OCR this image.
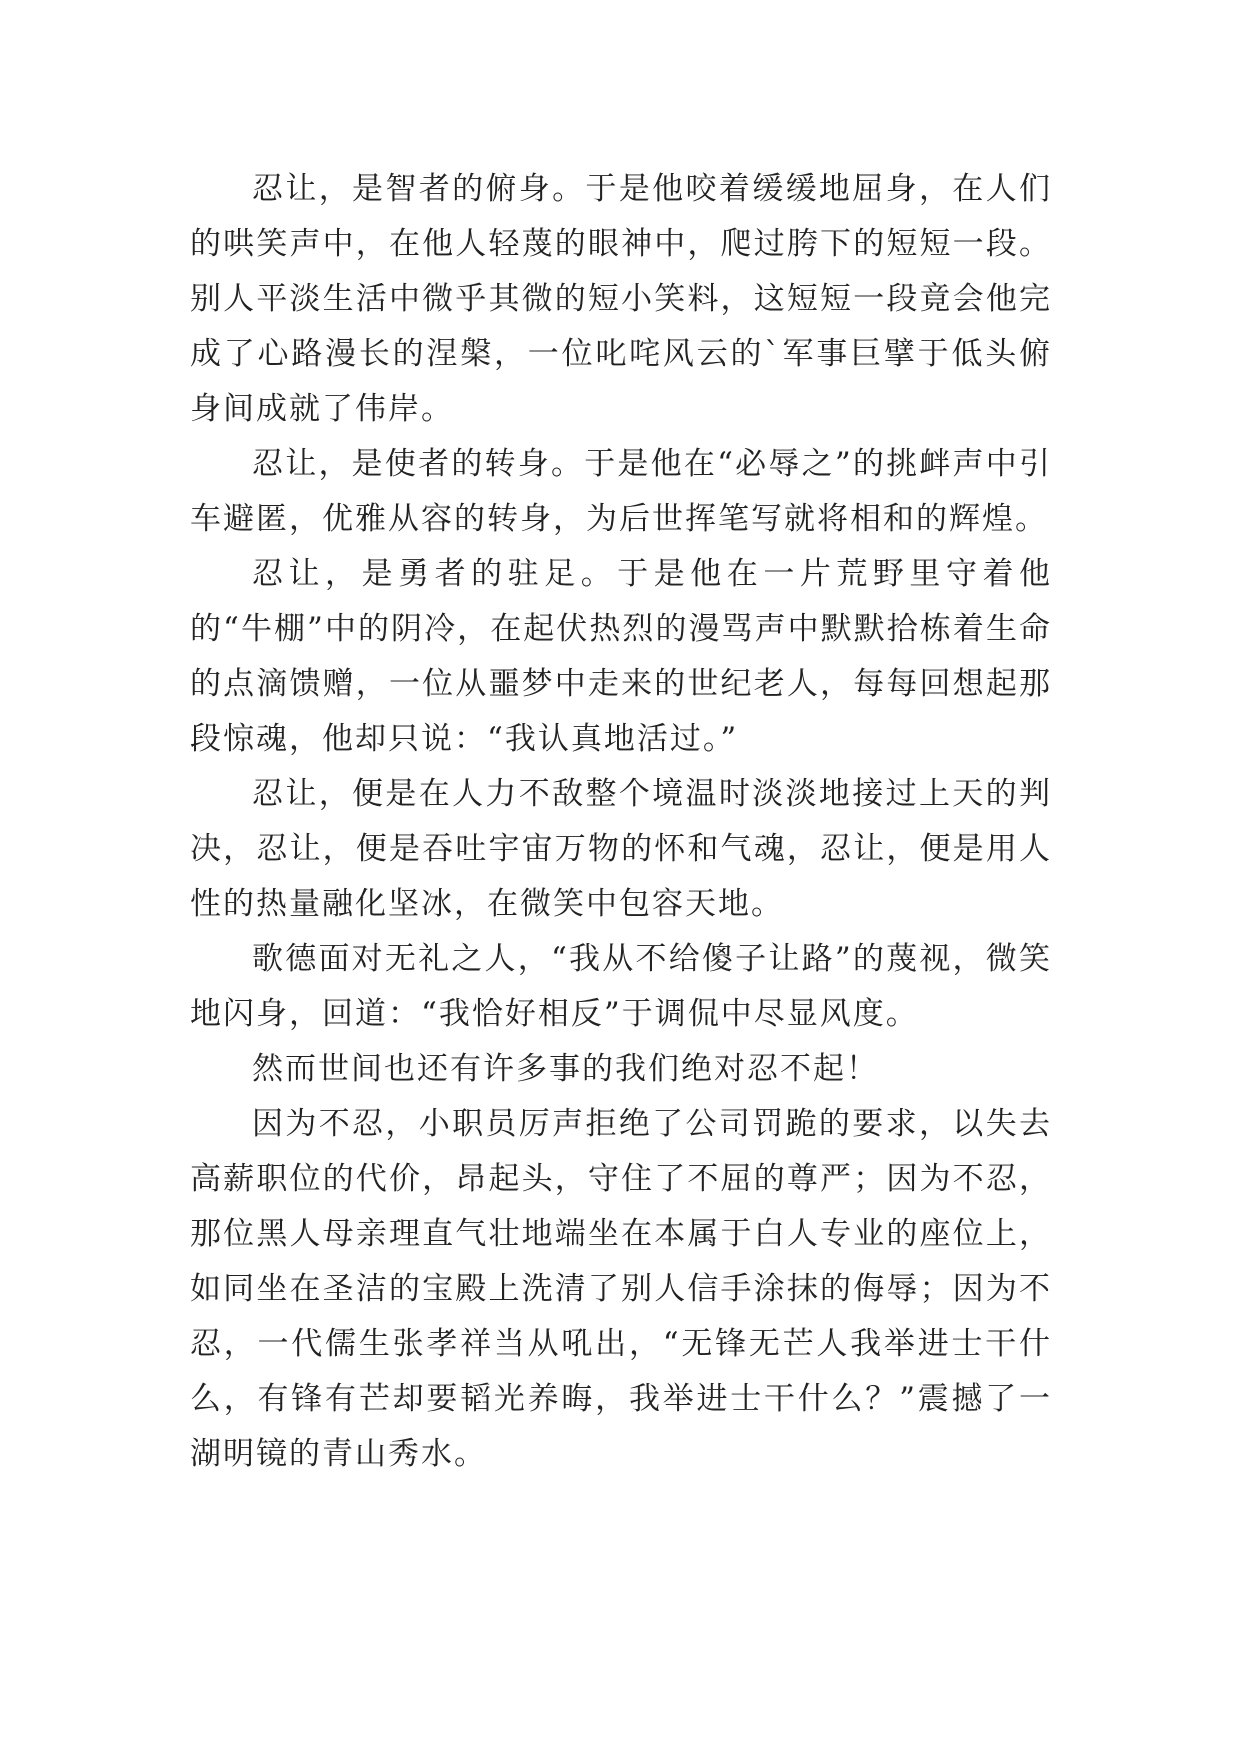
忍让，是智者的俯身。于是他咬着缓缓地屈身，在人们的哄笑声中，在他人轻蔑的眼神中，爬过胯下的短短一段。别人平淡生活中微乎其微的短小笑料，这短短一段竟会他完成了心路漫长的涅槃，一位叱咤风云的`军事巨擘于低头俯身间成就了伟岸。

忍让，是使者的转身。于是他在“必辱之”的挑衅声中引车避匿，优雅从容的转身，为后世挥笔写就将相和的辉煌。

忍让，是勇者的驻足。于是他在一片荒野里守着他的“牛棚”中的阴冷，在起伏热烈的漫骂声中默默拾栋着生命的点滴馈赠，一位从噩梦中走来的世纪老人，每每回想起那段惊魂，他却只说：“我认真地活过。”

忍让，便是在人力不敌整个境温时淡淡地接过上天的判决，忍让，便是吞吐宇宙万物的怀和气魂，忍让，便是用人性的热量融化坚冰，在微笑中包容天地。

歌德面对无礼之人，“我从不给傻子让路”的蔑视，微笑地闪身，回道：“我恰好相反”于调侃中尽显风度。

然而世间也还有许多事的我们绝对忍不起！

因为不忍，小职员厉声拒绝了公司罚跪的要求，以失去高薪职位的代价，昂起头，守住了不屈的尊严；因为不忍，那位黑人母亲理直气壮地端坐在本属于白人专业的座位上，如同坐在圣洁的宝殿上洗清了别人信手涂抹的侮辱；因为不忍，一代儒生张孝祥当从吼出，“无锋无芒人我举进士干什么，有锋有芒却要韬光养晦，我举进士干什么？”震撼了一湖明镜的青山秀水。
